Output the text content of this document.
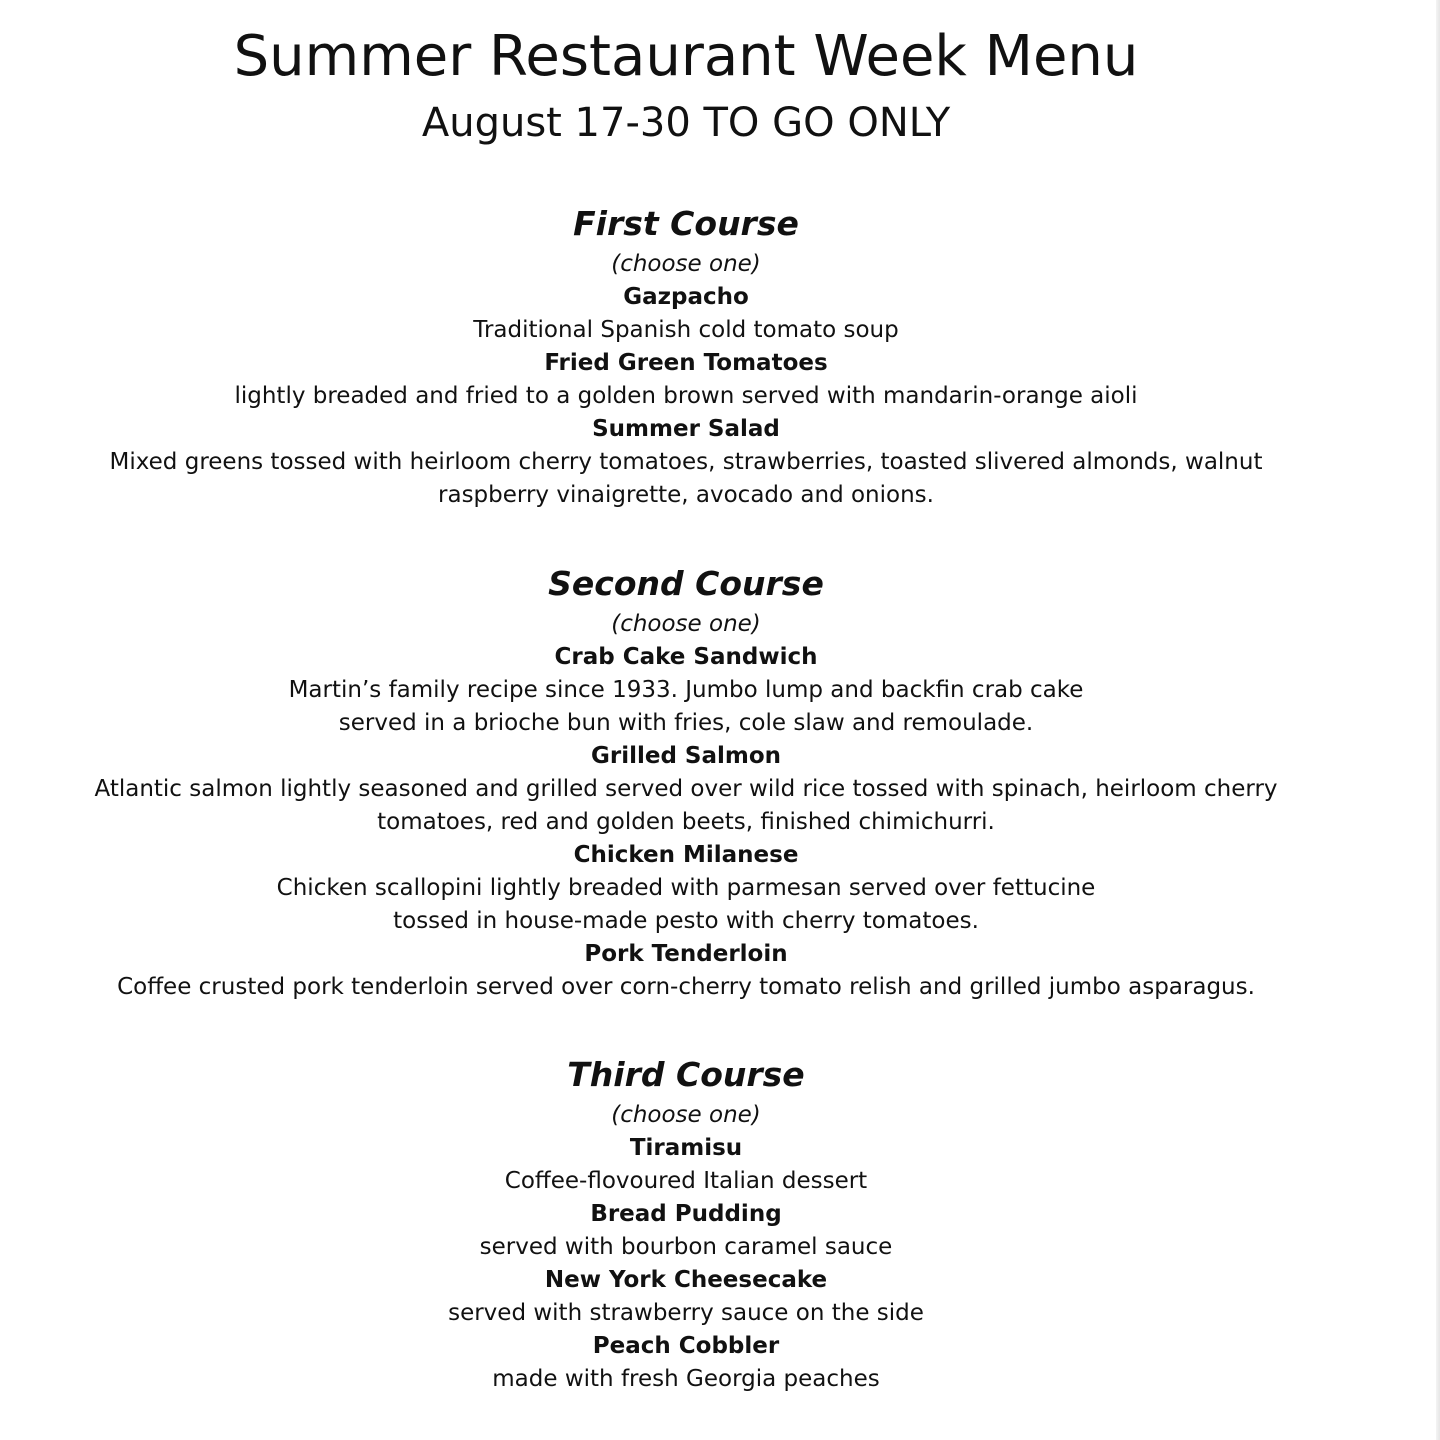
Summer Restaurant Week Menu
August 17-30 TO GO ONLY
First Course
(choose one)
Gazpacho
Traditional Spanish cold tomato soup
Fried Green Tomatoes
lightly breaded and fried to a golden brown served with mandarin-orange aioli
Summer Salad
Mixed greens tossed with heirloom cherry tomatoes, strawberries, toasted slivered almonds, walnut
raspberry vinaigrette, avocado and onions.
Second Course
(choose one)
Crab Cake Sandwich
Martin’s family recipe since 1933. Jumbo lump and backfin crab cake
served in a brioche bun with fries, cole slaw and remoulade.
Grilled Salmon
Atlantic salmon lightly seasoned and grilled served over wild rice tossed with spinach, heirloom cherry
tomatoes, red and golden beets, finished chimichurri.
Chicken Milanese
Chicken scallopini lightly breaded with parmesan served over fettucine
tossed in house-made pesto with cherry tomatoes.
Pork Tenderloin
Coffee crusted pork tenderloin served over corn-cherry tomato relish and grilled jumbo asparagus.
Third Course
(choose one)
Tiramisu
Coffee-flovoured Italian dessert
Bread Pudding
served with bourbon caramel sauce
New York Cheesecake
served with strawberry sauce on the side
Peach Cobbler
made with fresh Georgia peaches
